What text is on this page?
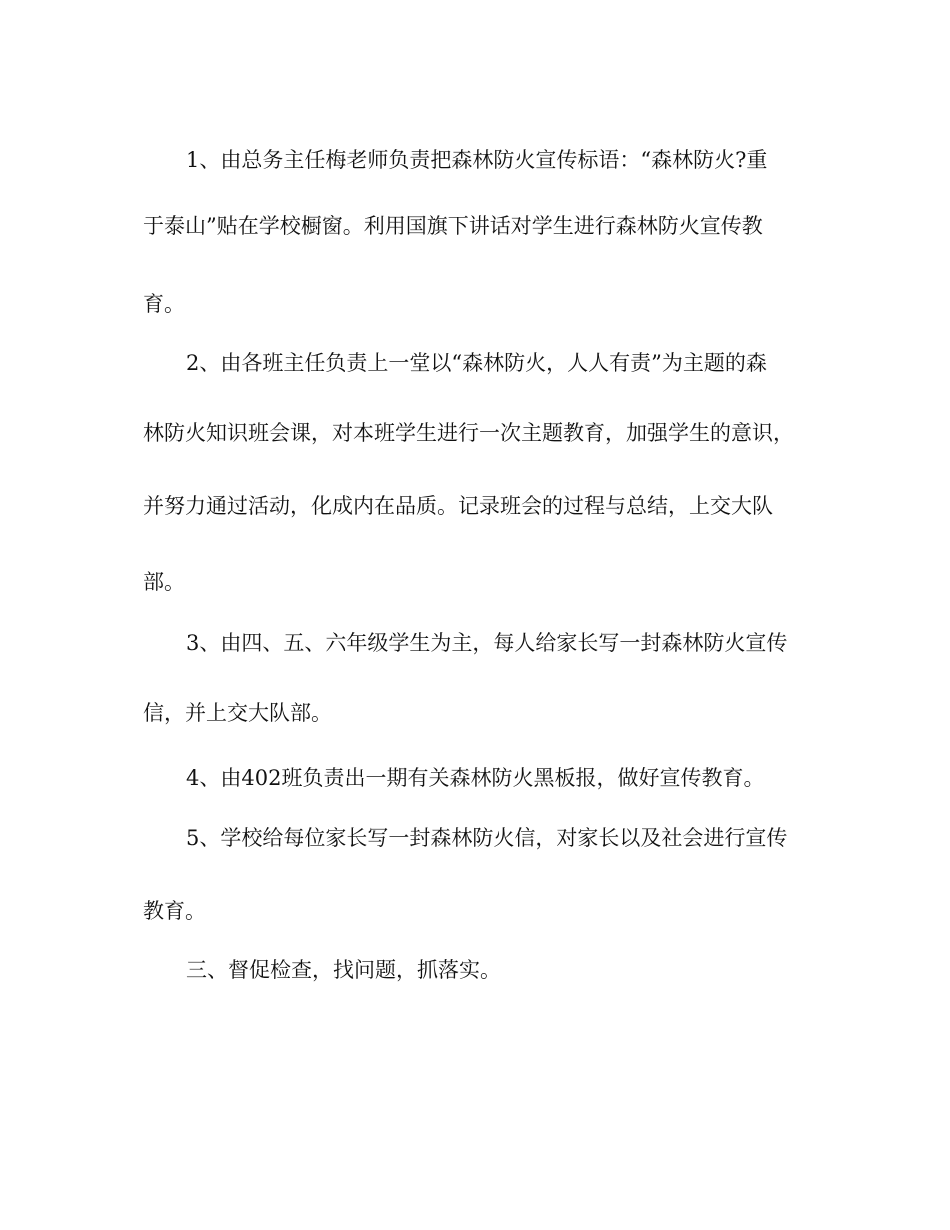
1、由总务主任梅老师负责把森林防火宣传标语：“森林防火?重
于泰山”贴在学校橱窗。利用国旗下讲话对学生进行森林防火宣传教
育。
2、由各班主任负责上一堂以“森林防火，人人有责”为主题的森
林防火知识班会课，对本班学生进行一次主题教育，加强学生的意识，
并努力通过活动，化成内在品质。记录班会的过程与总结，上交大队
部。
3、由四、五、六年级学生为主，每人给家长写一封森林防火宣传
信，并上交大队部。
4、由402班负责出一期有关森林防火黑板报，做好宣传教育。
5、学校给每位家长写一封森林防火信，对家长以及社会进行宣传
教育。
三、督促检查，找问题，抓落实。
